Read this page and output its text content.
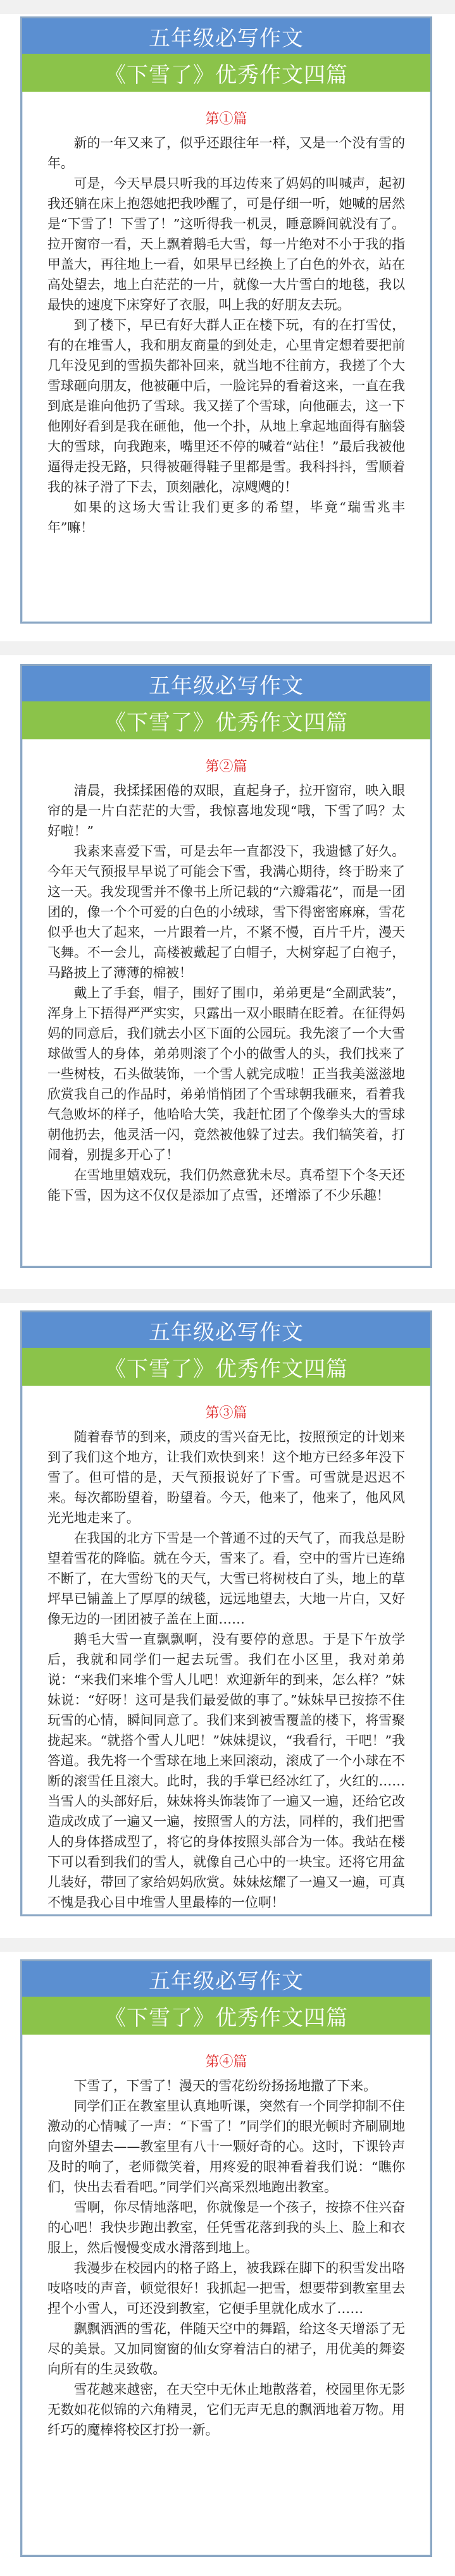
五年级必写作文
《下雪了》优秀作文四篇
第①篇

新的一年又来了，似乎还跟往年一样，又是一个没有雪的年。

可是，今天早晨只听我的耳边传来了妈妈的叫喊声，起初我还躺在床上抱怨她把我吵醒了，可是仔细一听，她喊的居然是“下雪了！下雪了！”这听得我一机灵，睡意瞬间就没有了。拉开窗帘一看，天上飘着鹅毛大雪，每一片绝对不小于我的指甲盖大，再往地上一看，如果早已经换上了白色的外衣，站在高处望去，地上白茫茫的一片，就像一大片雪白的地毯，我以最快的速度下床穿好了衣服，叫上我的好朋友去玩。

到了楼下，早已有好大群人正在楼下玩，有的在打雪仗，有的在堆雪人，我和朋友商量的到处走，心里肯定想着要把前几年没见到的雪损失都补回来，就当地不往前方，我搓了个大雪球砸向朋友，他被砸中后，一脸诧异的看着这来，一直在我到底是谁向他扔了雪球。我又搓了个雪球，向他砸去，这一下他刚好看到是我在砸他，他一个扑，从地上拿起地面得有脑袋大的雪球，向我跑来，嘴里还不停的喊着“站住！”最后我被他逼得走投无路，只得被砸得鞋子里都是雪。我科抖抖，雪顺着我的袜子滑了下去，顶刻融化，凉飕飕的！

如果的这场大雪让我们更多的希望，毕竟“瑞雪兆丰年”嘛！

五年级必写作文
《下雪了》优秀作文四篇
第②篇

清晨，我揉揉困倦的双眼，直起身子，拉开窗帘，映入眼帘的是一片白茫茫的大雪，我惊喜地发现“哦，下雪了吗？太好啦！”

我素来喜爱下雪，可是去年一直都没下，我遗憾了好久。今年天气预报早早说了可能会下雪，我满心期待，终于盼来了这一天。我发现雪并不像书上所记载的“六瓣霜花”，而是一团团的，像一个个可爱的白色的小绒球，雪下得密密麻麻，雪花似乎也大了起来，一片跟着一片，不紧不慢，百片千片，漫天飞舞。不一会儿，高楼被戴起了白帽子，大树穿起了白袍子，马路披上了薄薄的棉被！

戴上了手套，帽子，围好了围巾，弟弟更是“全副武装”，浑身上下捂得严严实实，只露出一双小眼睛在眨着。在征得妈妈的同意后，我们就去小区下面的公园玩。我先滚了一个大雪球做雪人的身体，弟弟则滚了个小的做雪人的头，我们找来了一些树枝，石头做装饰，一个雪人就完成啦！正当我美滋滋地欣赏我自己的作品时，弟弟悄悄团了个雪球朝我砸来，看着我气急败坏的样子，他哈哈大笑，我赶忙团了个像拳头大的雪球朝他扔去，他灵活一闪，竟然被他躲了过去。我们犒笑着，打闹着，别提多开心了！

在雪地里嬉戏玩，我们仍然意犹未尽。真希望下个冬天还能下雪，因为这不仅仅是添加了点雪，还增添了不少乐趣！

五年级必写作文
《下雪了》优秀作文四篇
第③篇

随着春节的到来，顽皮的雪兴奋无比，按照预定的计划来到了我们这个地方，让我们欢快到来！这个地方已经多年没下雪了。但可惜的是，天气预报说好了下雪。可雪就是迟迟不来。每次都盼望着，盼望着。今天，他来了，他来了，他风风光光地走来了。

在我国的北方下雪是一个普通不过的天气了，而我总是盼望着雪花的降临。就在今天，雪来了。看，空中的雪片已连绵不断了，在大雪纷飞的天气，大雪已将树枝白了头，地上的草坪早已铺盖上了厚厚的绒毯，远远地望去，大地一片白，又好像无边的一团团被子盖在上面……

鹅毛大雪一直飘飘啊，没有要停的意思。于是下午放学后，我就和同学们一起去玩雪。我们在小区里，我对弟弟说：“来我们来堆个雪人儿吧！欢迎新年的到来，怎么样？”妹妹说：“好呀！这可是我们最爱做的事了。”妹妹早已按捺不住玩雪的心情，瞬间同意了。我们来到被雪覆盖的楼下，将雪聚拢起来。“就搭个雪人儿吧！”妹妹提议，“我看行，干吧！”我答道。我先将一个雪球在地上来回滚动，滚成了一个小球在不断的滚雪任且滚大。此时，我的手掌已经冰红了，火红的……当雪人的头部好后，妹妹将头饰装饰了一遍又一遍，还给它改造成改成了一遍又一遍，按照雪人的方法，同样的，我们把雪人的身体搭成型了，将它的身体按照头部合为一体。我站在楼下可以看到我们的雪人，就像自己心中的一块宝。还将它用盆儿装好，带回了家给妈妈欣赏。妹妹炫耀了一遍又一遍，可真不愧是我心目中堆雪人里最棒的一位啊！

五年级必写作文
《下雪了》优秀作文四篇
第④篇

下雪了，下雪了！漫天的雪花纷纷扬扬地撒了下来。

同学们正在教室里认真地听课，突然有一个同学抑制不住激动的心情喊了一声：“下雪了！”同学们的眼光顿时齐刷刷地向窗外望去——教室里有八十一颗好奇的心。这时，下课铃声及时的响了，老师微笑着，用疼爱的眼神看着我们说：“瞧你们，快出去看看吧。”同学们兴高采烈地跑出教室。

雪啊，你尽情地落吧，你就像是一个孩子，按捺不住兴奋的心吧！我快步跑出教室，任凭雪花落到我的头上、脸上和衣服上，然后慢慢变成水滑落到地上。

我漫步在校园内的格子路上，被我踩在脚下的积雪发出咯吱咯吱的声音，顿觉很好！我抓起一把雪，想要带到教室里去捏个小雪人，可还没到教室，它便手里就化成水了……

飘飘洒洒的雪花，伴随天空中的舞蹈，给这冬天增添了无尽的美景。又加同窗窗的仙女穿着洁白的裙子，用优美的舞姿向所有的生灵致敬。

雪花越来越密，在天空中无休止地散落着，校园里你无影无数如花似锦的六角精灵，它们无声无息的飘洒地着万物。用纤巧的魔棒将校区打扮一新。
